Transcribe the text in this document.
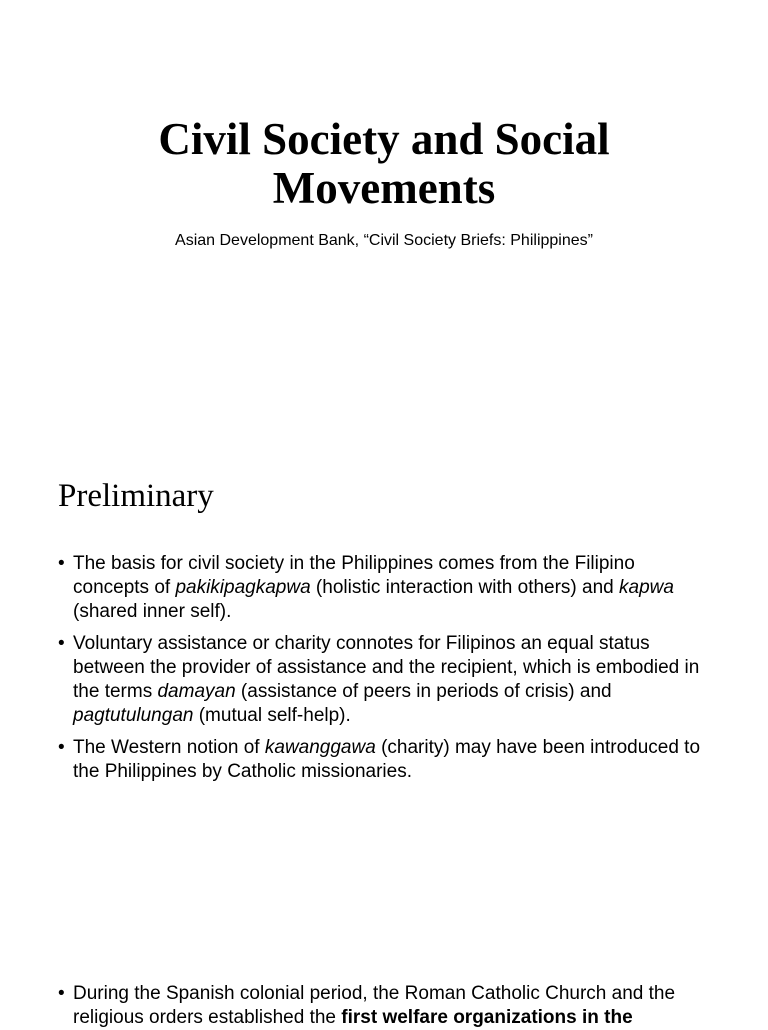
Civil Society and Social Movements
Asian Development Bank, “Civil Society Briefs: Philippines”
Preliminary
• The basis for civil society in the Philippines comes from the Filipino concepts of pakikipagkapwa (holistic interaction with others) and kapwa (shared inner self).
• Voluntary assistance or charity connotes for Filipinos an equal status between the provider of assistance and the recipient, which is embodied in the terms damayan (assistance of peers in periods of crisis) and pagtutulungan (mutual self-help).
• The Western notion of kawanggawa (charity) may have been introduced to the Philippines by Catholic missionaries.
• During the Spanish colonial period, the Roman Catholic Church and the religious orders established the first welfare organizations in the
